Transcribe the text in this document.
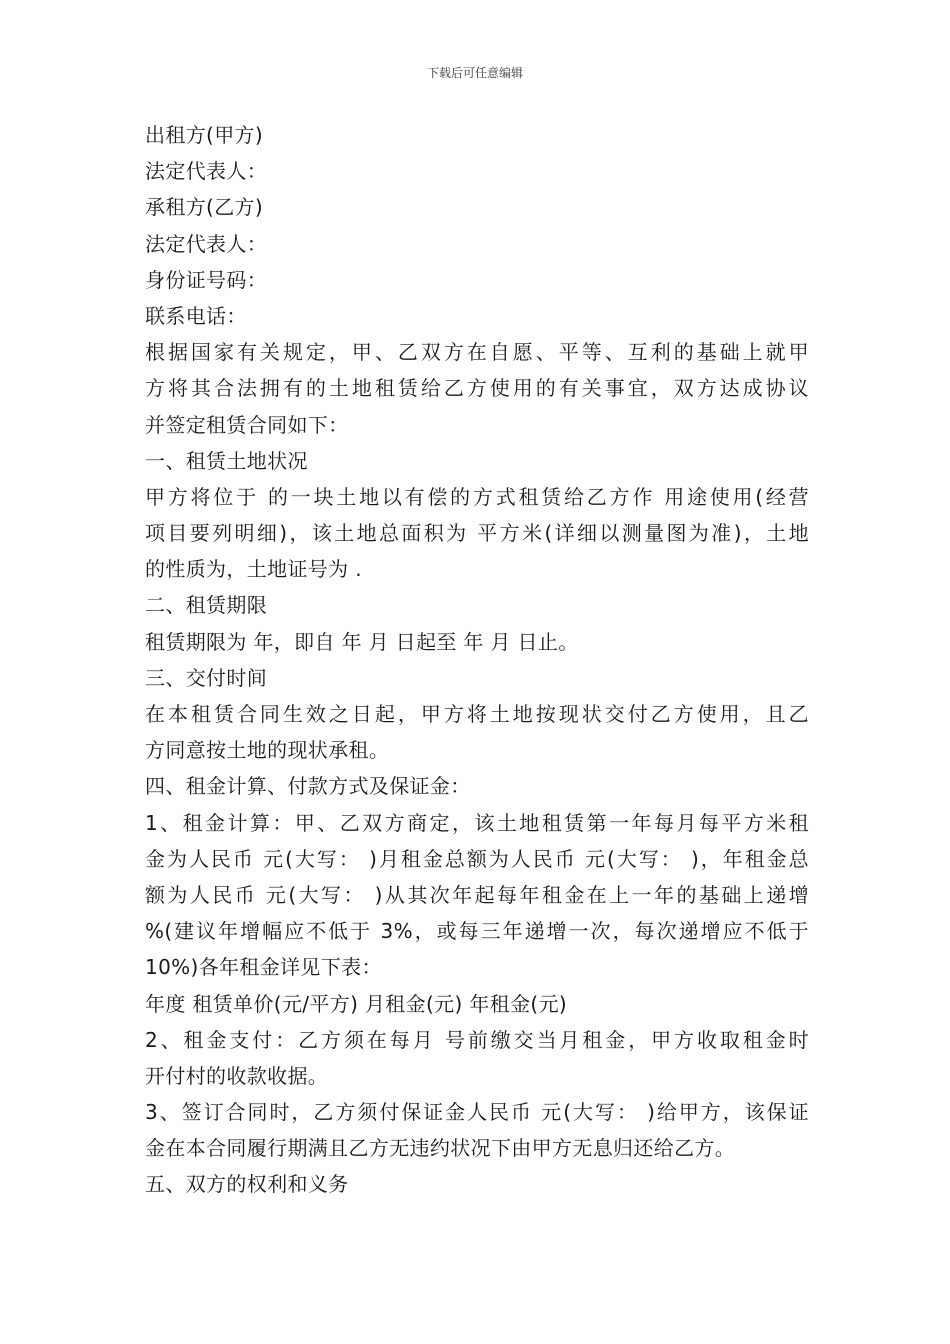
下载后可任意编辑
出租方(甲方)
法定代表人：
承租方(乙方)
法定代表人：
身份证号码：
联系电话：
根据国家有关规定，甲、乙双方在自愿、平等、互利的基础上就甲
方将其合法拥有的土地租赁给乙方使用的有关事宜，双方达成协议
并签定租赁合同如下：
一、租赁土地状况
甲方将位于 的一块土地以有偿的方式租赁给乙方作 用途使用(经营
项目要列明细)，该土地总面积为 平方米(详细以测量图为准)，土地
的性质为，土地证号为 .
二、租赁期限
租赁期限为 年，即自 年 月 日起至 年 月 日止。
三、交付时间
在本租赁合同生效之日起，甲方将土地按现状交付乙方使用，且乙
方同意按土地的现状承租。
四、租金计算、付款方式及保证金：
1、租金计算：甲、乙双方商定，该土地租赁第一年每月每平方米租
金为人民币 元(大写： )月租金总额为人民币 元(大写： )，年租金总
额为人民币 元(大写： )从其次年起每年租金在上一年的基础上递增
%(建议年增幅应不低于 3%，或每三年递增一次，每次递增应不低于
10%)各年租金详见下表：
年度 租赁单价(元/平方) 月租金(元) 年租金(元)
2、租金支付：乙方须在每月 号前缴交当月租金，甲方收取租金时
开付村的收款收据。
3、签订合同时，乙方须付保证金人民币 元(大写： )给甲方，该保证
金在本合同履行期满且乙方无违约状况下由甲方无息归还给乙方。
五、双方的权利和义务
